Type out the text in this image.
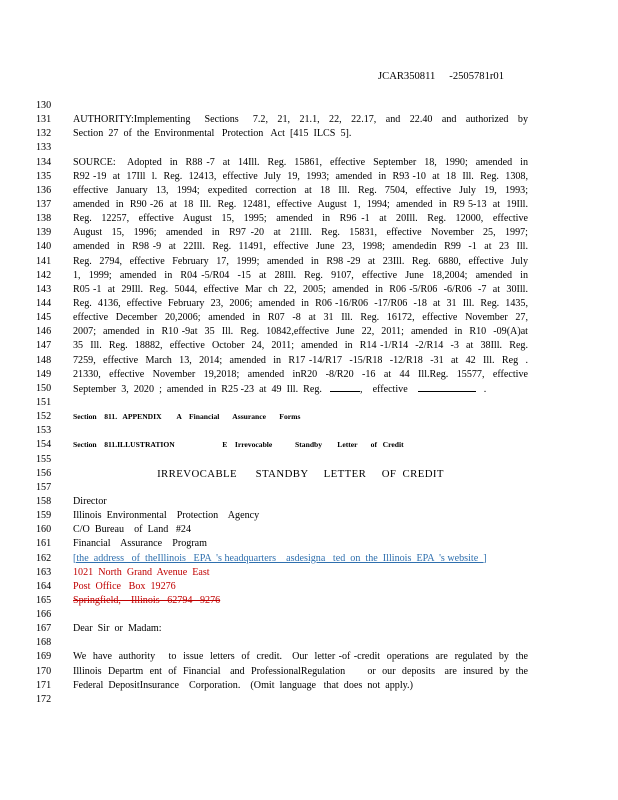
JCAR350811 -2505781r01
130
131	AUTHORITY:Implementing   Sections   7.2,  21,  21.1,  22,  22.17,  and  22.40  and  authorized  by
132	Section  27  of  the  Environmental   Protection   Act  [415  ILCS  5].
133
134	SOURCE:   Adopted  in  R88 -7  at  14Ill.  Reg.  15861,  effective  September  18,  1990;  amended  in
135	R92 -19  at  17Ill  l.  Reg.  12413,  effective  July  19,  1993;  amended  in  R93 -10  at  18  Ill.  Reg.  1308,
136	effective  January  13,  1994;  expedited  correction  at  18  Ill.  Reg.  7504,  effective  July  19,  1993;
137	amended  in  R90 -26  at  18  Ill.  Reg.  12481,  effective  August  1,  1994;  amended  in  R9 5-13  at  19Ill.
138	Reg.  12257,  effective  August  15,  1995;  amended  in  R96 -1  at  20Ill.  Reg.  12000,  effective
139	August  15,  1996;  amended  in  R97 -20  at  21Ill.  Reg.  15831,  effective  November  25,  1997;
140	amended  in  R98 -9  at  22Ill.  Reg.  11491,  effective  June  23,  1998;  amendedin  R99  -1  at  23  Ill.
141	Reg.  2794,  effective  February  17,  1999;  amended  in  R98 -29  at  23Ill.  Reg.  6880,  effective  July
142	1,  1999;  amended  in  R04 -5/R04  -15  at  28Ill.  Reg.  9107,  effective  June  18,2004;  amended  in
143	R05 -1  at  29Ill.  Reg.  5044,  effective  Mar  ch  22,  2005;  amended  in  R06 -5/R06  -6/R06  -7  at  30Ill.
144	Reg.  4136,  effective  February  23,  2006;  amended  in  R06 -16/R06  -17/R06  -18  at  31  Ill.  Reg.  1435,
145	effective  December  20,2006;  amended  in  R07  -8  at  31  Ill.  Reg.  16172,  effective  November  27,
146	2007;  amended  in  R10 -9at  35  Ill.  Reg.  10842,effective  June  22,  2011;  amended  in  R10  -09(A)at
147	35  Ill.  Reg.  18882,  effective  October  24,  2011;  amended  in  R14 -1/R14  -2/R14  -3  at  38Ill.  Reg.
148	7259,  effective  March  13,  2014;  amended  in  R17 -14/R17  -15/R18  -12/R18  -31  at  42  Ill.  Reg  .
149	21330,  effective  November  19,2018;  amended  inR20  -8/R20  -16  at  44  Ill.Reg.  15577,  effective
150	September  3,  2020  ;  amended  in  R25 -23  at  49  Ill.  Reg.	,    effective	.
151
152	Section    811.   APPENDIX        A    Financial       Assurance       Forms
153
154	Section    811.ILLUSTRATION                         E    Irrevocable            Standby        Letter       of   Credit
155
156	IRREVOCABLE      STANDBY     LETTER     OF  CREDIT
157
158	Director
159	Illinois  Environmental    Protection    Agency
160	C/O  Bureau    of  Land   #24
161	Financial    Assurance    Program
162	[the  address   of  theIllinois   EPA  's headquarters    asdesigna   ted  on  the  Illinois  EPA  's website  ]
163	1021  North  Grand  Avenue  East
164	Post  Office   Box  19276
165	Springfield,    Illinois   62794   9276
166
167	Dear  Sir  or  Madam:
168
169	We  have  authority    to  issue  letters  of  credit.   Our  letter -of -credit  operations  are  regulated  by  the
170	Illinois  Departm  ent  of  Financial   and  ProfessionalRegulation       or  our  deposits   are  insured  by  the
171	Federal  DepositInsurance    Corporation.    (Omit  language   that  does  not  apply.)
172
